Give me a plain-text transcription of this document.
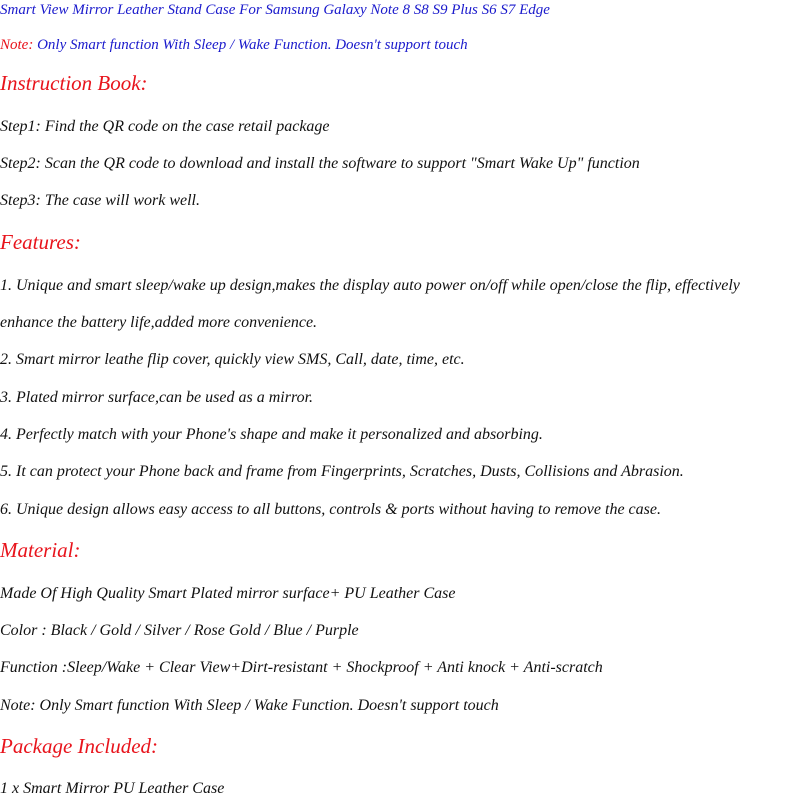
Smart View Mirror Leather Stand Case For Samsung Galaxy Note 8 S8 S9 Plus S6 S7 Edge

Note: Only Smart function With Sleep / Wake Function. Doesn't support touch

Instruction Book:

Step1: Find the QR code on the case retail package

Step2: Scan the QR code to download and install the software to support "Smart Wake Up" function

Step3: The case will work well.

Features:

1. Unique and smart sleep/wake up design,makes the display auto power on/off while open/close the flip, effectively

enhance the battery life,added more convenience.

2. Smart mirror leathe flip cover, quickly view SMS, Call, date, time, etc.

3. Plated mirror surface,can be used as a mirror.

4. Perfectly match with your Phone's shape and make it personalized and absorbing.

5. It can protect your Phone back and frame from Fingerprints, Scratches, Dusts, Collisions and Abrasion.

6. Unique design allows easy access to all buttons, controls & ports without having to remove the case.

Material:

Made Of High Quality Smart Plated mirror surface+ PU Leather Case

Color : Black / Gold / Silver / Rose Gold / Blue / Purple

Function :Sleep/Wake + Clear View+Dirt-resistant + Shockproof + Anti knock + Anti-scratch

Note: Only Smart function With Sleep / Wake Function. Doesn't support touch

Package Included:

1 x Smart Mirror PU Leather Case
